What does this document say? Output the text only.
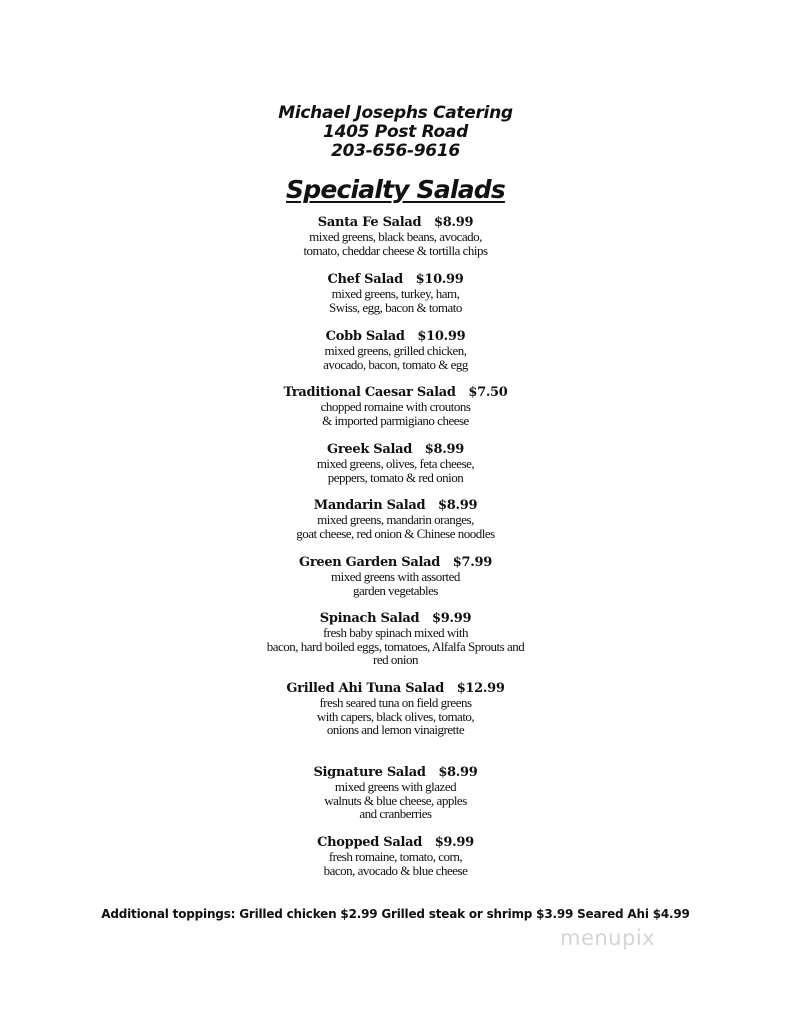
Michael Josephs Catering
1405 Post Road
203-656-9616
Specialty Salads
Santa Fe Salad $8.99
mixed greens, black beans, avocado,
tomato, cheddar cheese & tortilla chips
Chef Salad $10.99
mixed greens, turkey, ham,
Swiss, egg, bacon & tomato
Cobb Salad $10.99
mixed greens, grilled chicken,
avocado, bacon, tomato & egg
Traditional Caesar Salad $7.50
chopped romaine with croutons
& imported parmigiano cheese
Greek Salad $8.99
mixed greens, olives, feta cheese,
peppers, tomato & red onion
Mandarin Salad $8.99
mixed greens, mandarin oranges,
goat cheese, red onion & Chinese noodles
Green Garden Salad $7.99
mixed greens with assorted
garden vegetables
Spinach Salad $9.99
fresh baby spinach mixed with
bacon, hard boiled eggs, tomatoes, Alfalfa Sprouts and
red onion
Grilled Ahi Tuna Salad $12.99
fresh seared tuna on field greens
with capers, black olives, tomato,
onions and lemon vinaigrette
Signature Salad $8.99
mixed greens with glazed
walnuts & blue cheese, apples
and cranberries
Chopped Salad $9.99
fresh romaine, tomato, corn,
bacon, avocado & blue cheese
Additional toppings: Grilled chicken $2.99 Grilled steak or shrimp $3.99 Seared Ahi $4.99
menupix
